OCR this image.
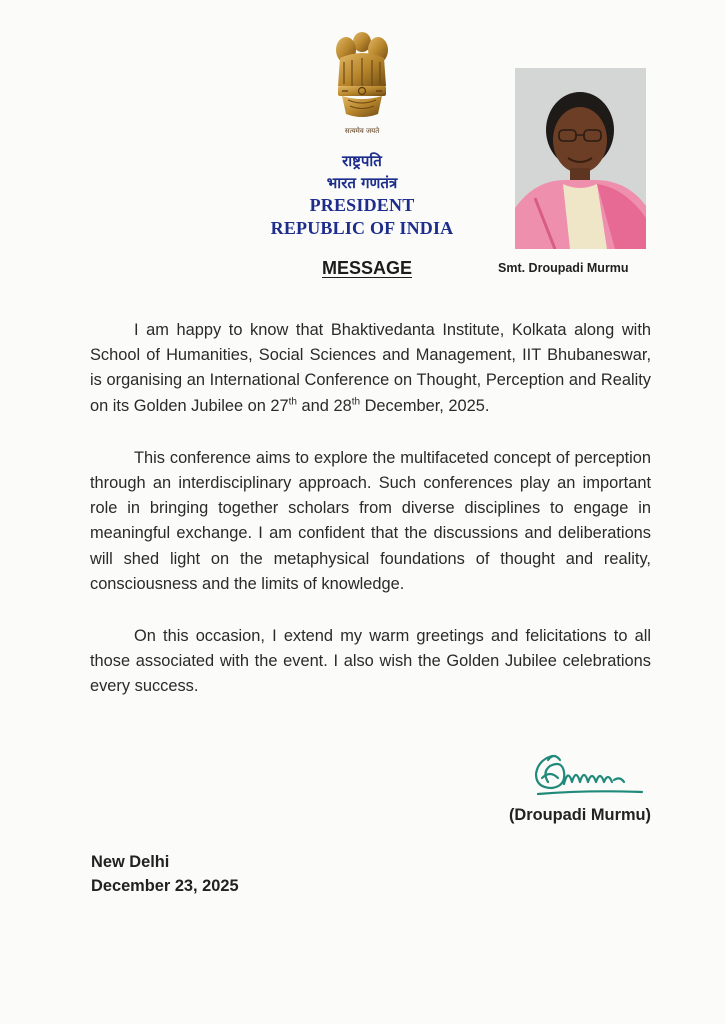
सत्यमेव जयते
राष्ट्रपति
भारत गणतंत्र
PRESIDENT
REPUBLIC OF INDIA
Smt. Droupadi Murmu
MESSAGE

I am happy to know that Bhaktivedanta Institute, Kolkata along with School of Humanities, Social Sciences and Management, IIT Bhubaneswar, is organising an International Conference on Thought, Perception and Reality on its Golden Jubilee on 27th and 28th December, 2025.

This conference aims to explore the multifaceted concept of perception through an interdisciplinary approach. Such conferences play an important role in bringing together scholars from diverse disciplines to engage in meaningful exchange. I am confident that the discussions and deliberations will shed light on the metaphysical foundations of thought and reality, consciousness and the limits of knowledge.

On this occasion, I extend my warm greetings and felicitations to all those associated with the event. I also wish the Golden Jubilee celebrations every success.

(Droupadi Murmu)
New Delhi
December 23, 2025
